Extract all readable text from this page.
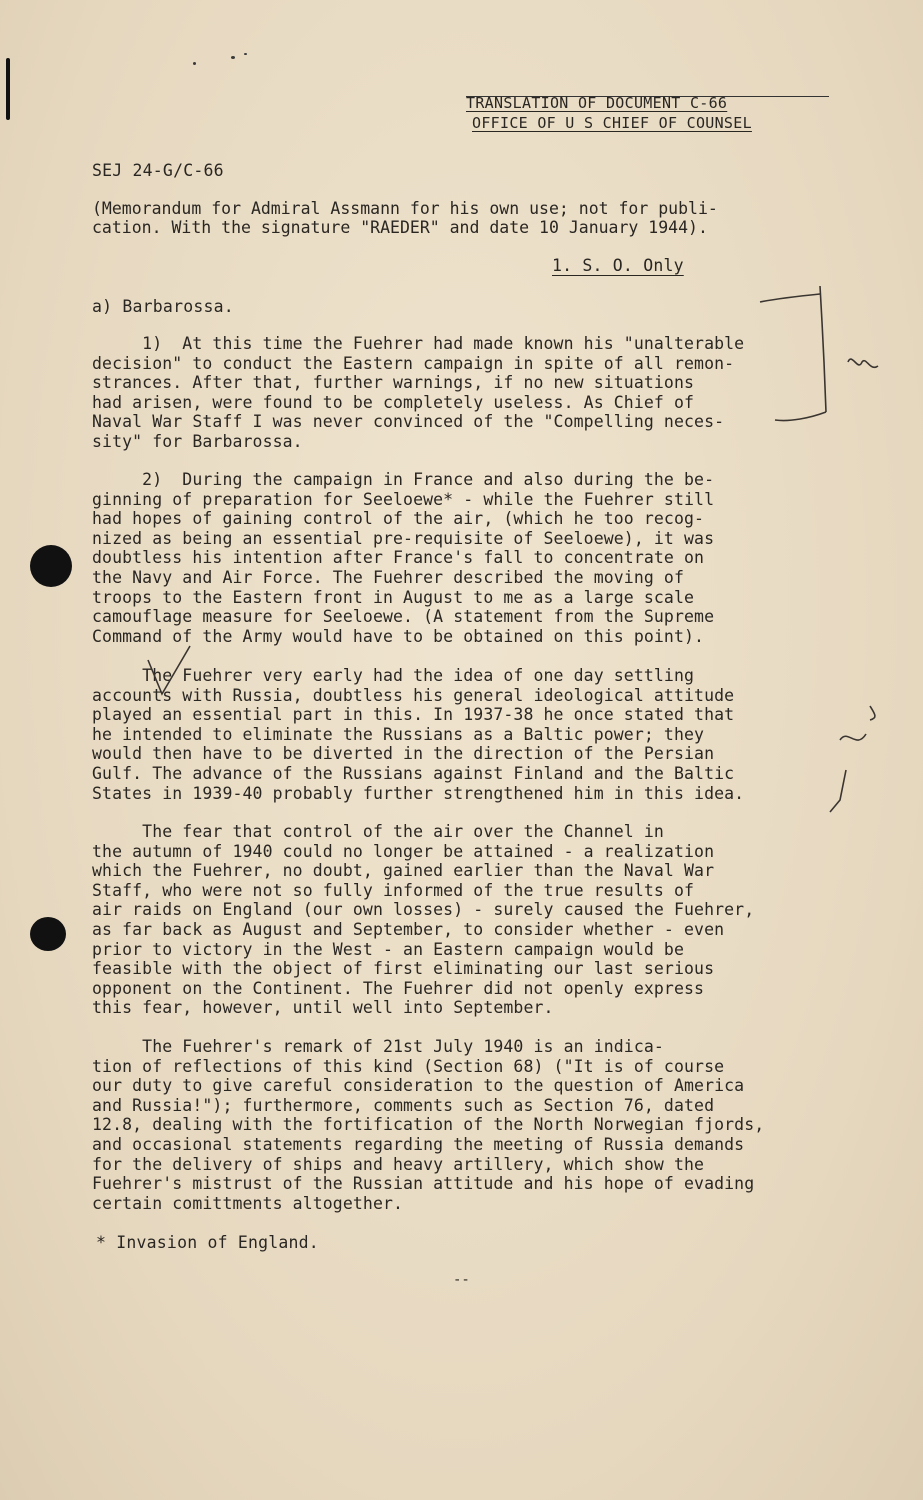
TRANSLATION OF DOCUMENT C-66
OFFICE OF U S CHIEF OF COUNSEL
SEJ 24-G/C-66

(Memorandum for Admiral Assmann for his own use; not for publi-

cation. With the signature "RAEDER" and date 10 January 1944).

1. S. O. Only
a) Barbarossa.

1)  At this time the Fuehrer had made known his "unalterable

decision" to conduct the Eastern campaign in spite of all remon-

strances. After that, further warnings, if no new situations

had arisen, were found to be completely useless. As Chief of

Naval War Staff I was never convinced of the "Compelling neces-

sity" for Barbarossa.

2)  During the campaign in France and also during the be-

ginning of preparation for Seeloewe* - while the Fuehrer still

had hopes of gaining control of the air, (which he too recog-

nized as being an essential pre-requisite of Seeloewe), it was

doubtless his intention after France's fall to concentrate on

the Navy and Air Force. The Fuehrer described the moving of

troops to the Eastern front in August to me as a large scale

camouflage measure for Seeloewe. (A statement from the Supreme

Command of the Army would have to be obtained on this point).

The Fuehrer very early had the idea of one day settling

accounts with Russia, doubtless his general ideological attitude

played an essential part in this. In 1937-38 he once stated that

he intended to eliminate the Russians as a Baltic power; they

would then have to be diverted in the direction of the Persian

Gulf. The advance of the Russians against Finland and the Baltic

States in 1939-40 probably further strengthened him in this idea.

The fear that control of the air over the Channel in

the autumn of 1940 could no longer be attained - a realization

which the Fuehrer, no doubt, gained earlier than the Naval War

Staff, who were not so fully informed of the true results of

air raids on England (our own losses) - surely caused the Fuehrer,

as far back as August and September, to consider whether - even

prior to victory in the West - an Eastern campaign would be

feasible with the object of first eliminating our last serious

opponent on the Continent. The Fuehrer did not openly express

this fear, however, until well into September.

The Fuehrer's remark of 21st July 1940 is an indica-

tion of reflections of this kind (Section 68) ("It is of course

our duty to give careful consideration to the question of America

and Russia!"); furthermore, comments such as Section 76, dated

12.8, dealing with the fortification of the North Norwegian fjords,

and occasional statements regarding the meeting of Russia demands

for the delivery of ships and heavy artillery, which show the

Fuehrer's mistrust of the Russian attitude and his hope of evading

certain comittments altogether.

* Invasion of England.
--
